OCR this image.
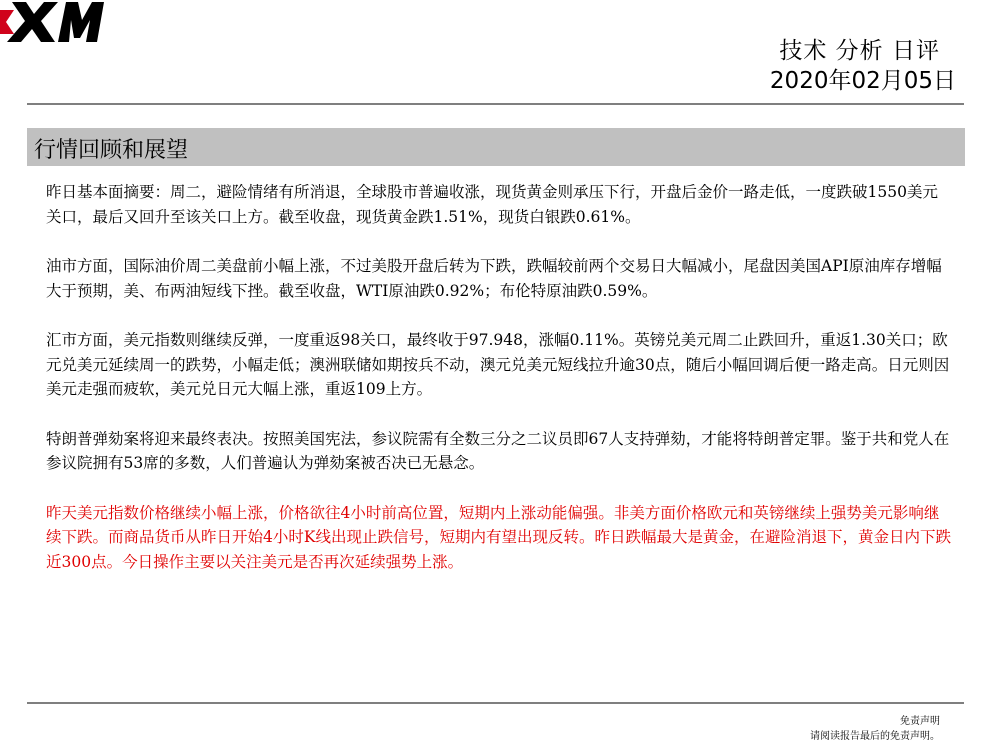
技术 分析 日评
2020年02月05日
行情回顾和展望

昨日基本面摘要：周二，避险情绪有所消退，全球股市普遍收涨，现货黄金则承压下行，开盘后金价一路走低，一度跌破1550美元关口，最后又回升至该关口上方。截至收盘，现货黄金跌1.51%，现货白银跌0.61%。

油市方面，国际油价周二美盘前小幅上涨，不过美股开盘后转为下跌，跌幅较前两个交易日大幅减小，尾盘因美国API原油库存增幅大于预期，美、布两油短线下挫。截至收盘，WTI原油跌0.92%；布伦特原油跌0.59%。

汇市方面，美元指数则继续反弹，一度重返98关口，最终收于97.948，涨幅0.11%。英镑兑美元周二止跌回升，重返1.30关口；欧元兑美元延续周一的跌势，小幅走低；澳洲联储如期按兵不动，澳元兑美元短线拉升逾30点，随后小幅回调后便一路走高。日元则因美元走强而疲软，美元兑日元大幅上涨，重返109上方。

特朗普弹劾案将迎来最终表决。按照美国宪法，参议院需有全数三分之二议员即67人支持弹劾，才能将特朗普定罪。鉴于共和党人在参议院拥有53席的多数，人们普遍认为弹劾案被否决已无悬念。

昨天美元指数价格继续小幅上涨，价格欲往4小时前高位置，短期内上涨动能偏强。非美方面价格欧元和英镑继续上强势美元影响继续下跌。而商品货币从昨日开始4小时K线出现止跌信号，短期内有望出现反转。昨日跌幅最大是黄金，在避险消退下，黄金日内下跌近300点。今日操作主要以关注美元是否再次延续强势上涨。

免责声明
请阅读报告最后的免责声明。
